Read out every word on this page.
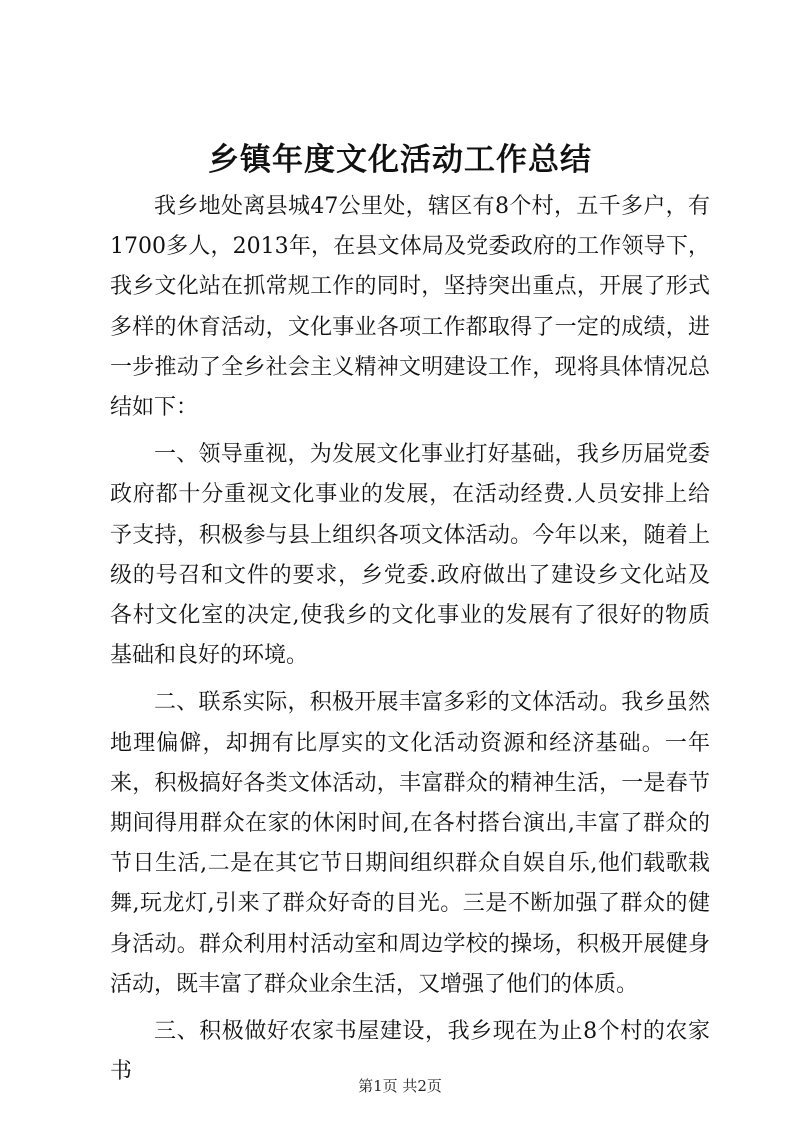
乡镇年度文化活动工作总结

我乡地处离县城47公里处，辖区有8个村，五千多户，有1700多人，2013年，在县文体局及党委政府的工作领导下，我乡文化站在抓常规工作的同时，坚持突出重点，开展了形式多样的休育活动，文化事业各项工作都取得了一定的成绩，进一步推动了全乡社会主义精神文明建设工作，现将具体情况总结如下：

一、领导重视，为发展文化事业打好基础，我乡历届党委政府都十分重视文化事业的发展，在活动经费.人员安排上给予支持，积极参与县上组织各项文体活动。今年以来，随着上级的号召和文件的要求，乡党委.政府做出了建设乡文化站及各村文化室的决定,使我乡的文化事业的发展有了很好的物质基础和良好的环境。

二、联系实际，积极开展丰富多彩的文体活动。我乡虽然地理偏僻，却拥有比厚实的文化活动资源和经济基础。一年来，积极搞好各类文体活动，丰富群众的精神生活，一是春节期间得用群众在家的休闲时间,在各村搭台演出,丰富了群众的节日生活,二是在其它节日期间组织群众自娱自乐,他们载歌栽舞,玩龙灯,引来了群众好奇的目光。三是不断加强了群众的健身活动。群众利用村活动室和周边学校的操场，积极开展健身活动，既丰富了群众业余生活，又增强了他们的体质。

三、积极做好农家书屋建设，我乡现在为止8个村的农家书

第1页 共2页
